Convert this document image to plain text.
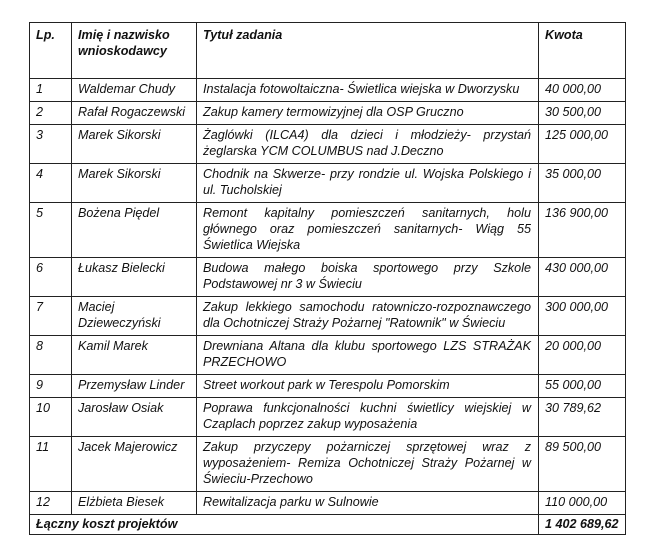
Lp.	Imię i nazwisko wnioskodawcy	Tytuł zadania	Kwota
1	Waldemar Chudy	Instalacja fotowoltaiczna- Świetlica wiejska w Dworzysku	40 000,00
2	Rafał Rogaczewski	Zakup kamery termowizyjnej dla OSP Gruczno	30 500,00
3	Marek Sikorski	Żaglówki (ILCA4) dla dzieci i młodzieży- przystań żeglarska YCM COLUMBUS nad J.Deczno	125 000,00
4	Marek Sikorski	Chodnik na Skwerze- przy rondzie ul. Wojska Polskiego i ul. Tucholskiej	35 000,00
5	Bożena Piędel	Remont kapitalny pomieszczeń sanitarnych, holu głównego oraz pomieszczeń sanitarnych- Wiąg 55 Świetlica Wiejska	136 900,00
6	Łukasz Bielecki	Budowa małego boiska sportowego przy Szkole Podstawowej nr 3 w Świeciu	430 000,00
7	Maciej Dzieweczyński	Zakup lekkiego samochodu ratowniczo-rozpoznawczego dla Ochotniczej Straży Pożarnej "Ratownik" w Świeciu	300 000,00
8	Kamil Marek	Drewniana Altana dla klubu sportowego LZS STRAŻAK PRZECHOWO	20 000,00
9	Przemysław Linder	Street workout park w Terespolu Pomorskim	55 000,00
10	Jarosław Osiak	Poprawa funkcjonalności kuchni świetlicy wiejskiej w Czaplach poprzez zakup wyposażenia	30 789,62
11	Jacek Majerowicz	Zakup przyczepy pożarniczej sprzętowej wraz z wyposażeniem- Remiza Ochotniczej Straży Pożarnej w Świeciu-Przechowo	89 500,00
12	Elżbieta Biesek	Rewitalizacja parku w Sulnowie	110 000,00
Łączny koszt projektów			1 402 689,62
